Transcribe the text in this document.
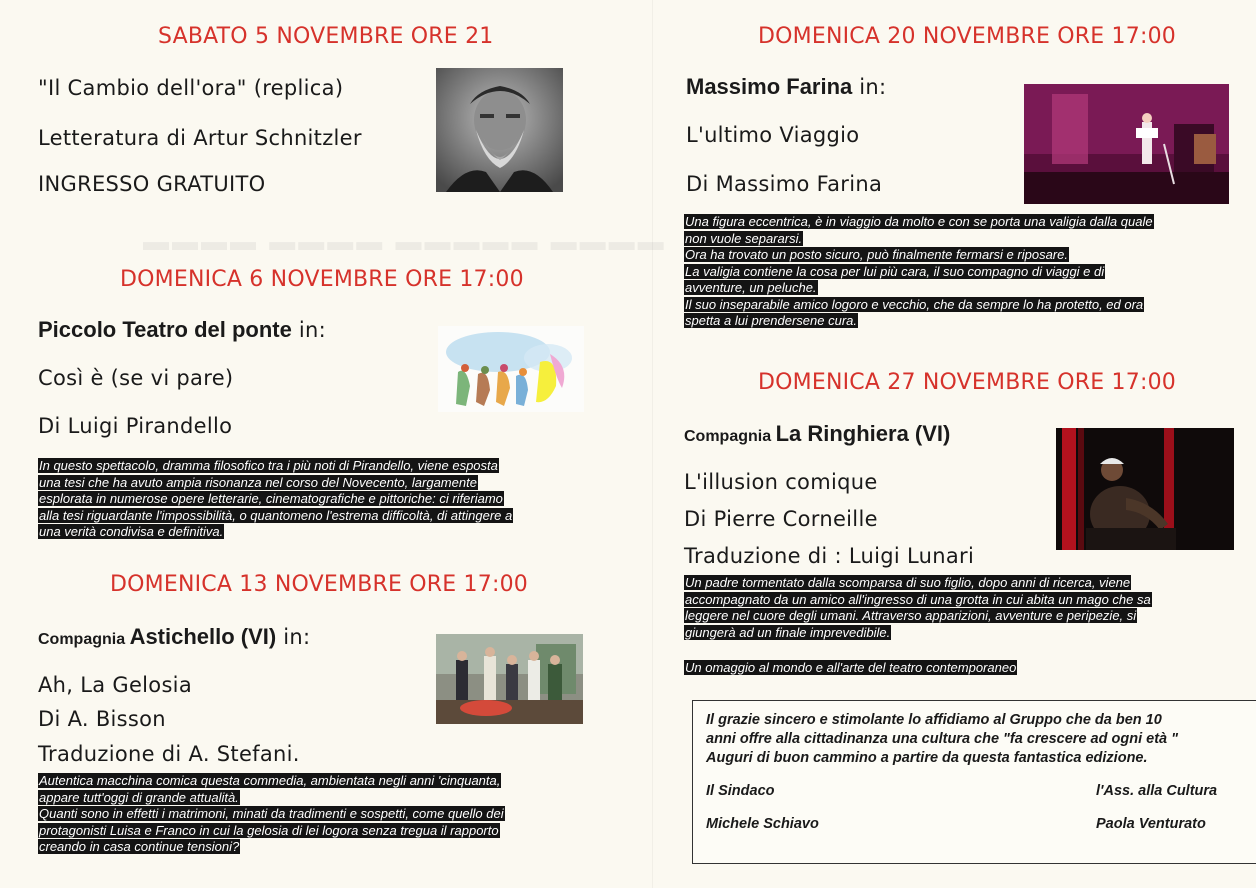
▬▬▬▬ ▬▬▬▬▬ ▬▬▬▬ ▬▬▬▬
SABATO 5 NOVEMBRE ORE 21
"Il Cambio dell'ora" (replica)
Letteratura di Artur Schnitzler
INGRESSO GRATUITO
DOMENICA 6 NOVEMBRE ORE 17:00
Piccolo Teatro del ponte in:
Così è (se vi pare)
Di Luigi Pirandello
In questo spettacolo, dramma filosofico tra i più noti di Pirandello, viene esposta
una tesi che ha avuto ampia risonanza nel corso del Novecento, largamente
esplorata in numerose opere letterarie, cinematografiche e pittoriche: ci riferiamo
alla tesi riguardante l'impossibilità, o quantomeno l'estrema difficoltà, di attingere a
una verità condivisa e definitiva.
DOMENICA 13 NOVEMBRE ORE 17:00
Compagnia Astichello (VI) in:
Ah, La Gelosia
Di A. Bisson
Traduzione di A. Stefani.
Autentica macchina comica questa commedia, ambientata negli anni 'cinquanta,
appare tutt'oggi di grande attualità.
Quanti sono in effetti i matrimoni, minati da tradimenti e sospetti, come quello dei
protagonisti Luisa e Franco in cui la gelosia di lei logora senza tregua il rapporto
creando in casa continue tensioni?
DOMENICA 20 NOVEMBRE ORE 17:00
Massimo Farina in:
L'ultimo Viaggio
Di Massimo Farina
Una figura eccentrica, è in viaggio da molto e con se porta una valigia dalla quale
non vuole separarsi.
Ora ha trovato un posto sicuro, può finalmente fermarsi e riposare.
La valigia contiene la cosa per lui più cara, il suo compagno di viaggi e di
avventure, un peluche.
Il suo inseparabile amico logoro e vecchio, che da sempre lo ha protetto, ed ora
spetta a lui prendersene cura.
DOMENICA 27 NOVEMBRE ORE 17:00
Compagnia La Ringhiera (VI)
L'illusion comique
Di Pierre Corneille
Traduzione di : Luigi Lunari
Un padre tormentato dalla scomparsa di suo figlio, dopo anni di ricerca, viene
accompagnato da un amico all'ingresso di una grotta in cui abita un mago che sa
leggere nel cuore degli umani. Attraverso apparizioni, avventure e peripezie, si
giungerà ad un finale imprevedibile.
Un omaggio al mondo e all'arte del teatro contemporaneo
Il grazie sincero e stimolante lo affidiamo al Gruppo che da ben 10
anni offre alla cittadinanza una cultura che "fa crescere ad ogni età "
Auguri di buon cammino a partire da questa fantastica edizione.
Il Sindaco	l'Ass. alla Cultura
Michele Schiavo	Paola Venturato
